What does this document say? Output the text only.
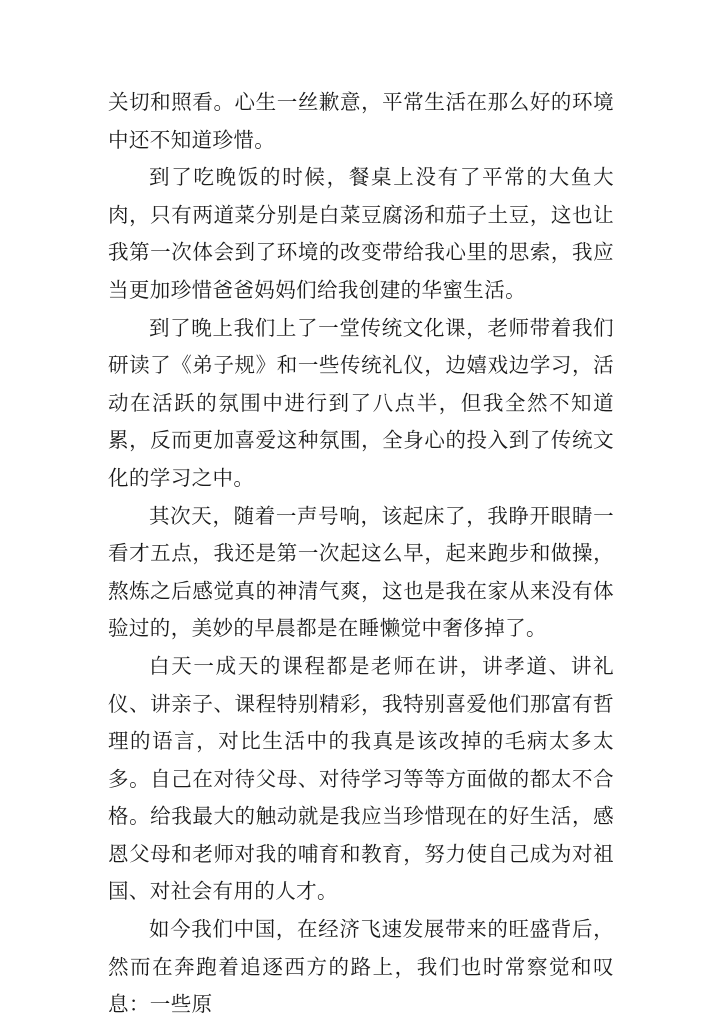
关切和照看。心生一丝歉意，平常生活在那么好的环境中还不知道珍惜。

到了吃晚饭的时候，餐桌上没有了平常的大鱼大肉，只有两道菜分别是白菜豆腐汤和茄子土豆，这也让我第一次体会到了环境的改变带给我心里的思索，我应当更加珍惜爸爸妈妈们给我创建的华蜜生活。

到了晚上我们上了一堂传统文化课，老师带着我们研读了《弟子规》和一些传统礼仪，边嬉戏边学习，活动在活跃的氛围中进行到了八点半，但我全然不知道累，反而更加喜爱这种氛围，全身心的投入到了传统文化的学习之中。

其次天，随着一声号响，该起床了，我睁开眼睛一看才五点，我还是第一次起这么早，起来跑步和做操，熬炼之后感觉真的神清气爽，这也是我在家从来没有体验过的，美妙的早晨都是在睡懒觉中奢侈掉了。

白天一成天的课程都是老师在讲，讲孝道、讲礼仪、讲亲子、课程特别精彩，我特别喜爱他们那富有哲理的语言，对比生活中的我真是该改掉的毛病太多太多。自己在对待父母、对待学习等等方面做的都太不合格。给我最大的触动就是我应当珍惜现在的好生活，感恩父母和老师对我的哺育和教育，努力使自己成为对祖国、对社会有用的人才。

如今我们中国，在经济飞速发展带来的旺盛背后，然而在奔跑着追逐西方的路上，我们也时常察觉和叹息：一些原
